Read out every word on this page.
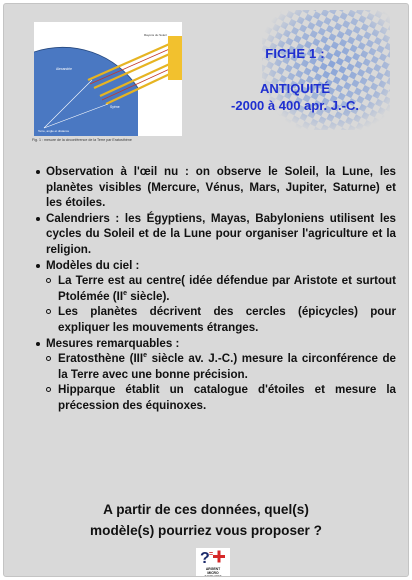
Alexandrie
Syène
Rayons du Soleil
Terre, angle et distance
Fig. 1 : mesure de la circonférence de la Terre par Eratosthène
FICHE 1 :
ANTIQUITÉ
-2000 à 400 apr. J.-C.
Observation à l'œil nu : on observe le Soleil, la Lune, les planètes visibles (Mercure, Vénus, Mars, Jupiter, Saturne) et les étoiles.
Calendriers : les Égyptiens, Mayas, Babyloniens utilisent les cycles du Soleil et de la Lune pour organiser l'agriculture et la religion.
Modèles du ciel :
La Terre est au centre( idée défendue par Aristote et surtout Ptolémée (IIe siècle).
Les planètes décrivent des cercles (épicycles) pour expliquer les mouvements étranges.
Mesures remarquables :
Eratosthène (IIIe siècle av. J.-C.) mesure la circonférence de la Terre avec une bonne précision.
Hipparque établit un catalogue d'étoiles et mesure la précession des équinoxes.
A partir de ces données, quel(s)
modèle(s) pourriez vous proposer ?
? =
ARGENT
MICRO
SCIENCES
